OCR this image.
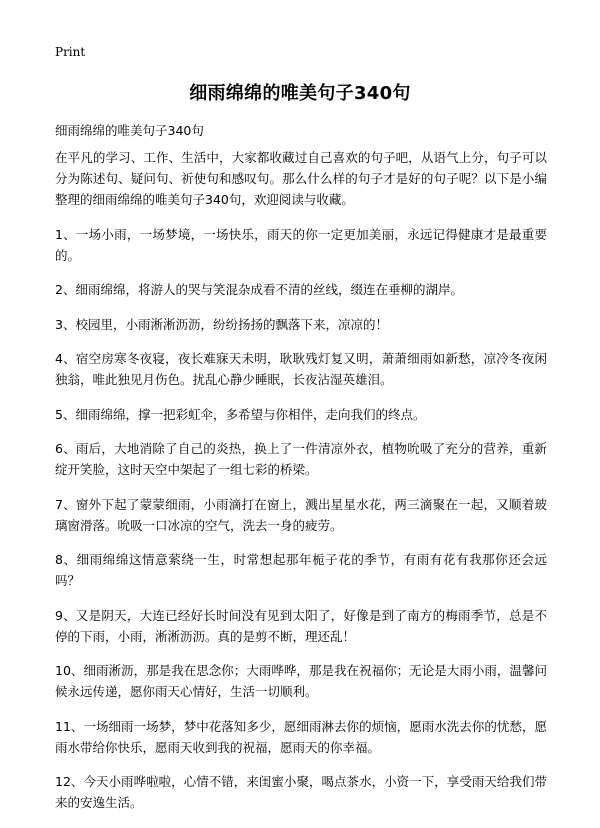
Print
细雨绵绵的唯美句子340句
细雨绵绵的唯美句子340句

在平凡的学习、工作、生活中，大家都收藏过自己喜欢的句子吧，从语气上分，句子可以分为陈述句、疑问句、祈使句和感叹句。那么什么样的句子才是好的句子呢？以下是小编整理的细雨绵绵的唯美句子340句，欢迎阅读与收藏。

1、一场小雨，一场梦境，一场快乐，雨天的你一定更加美丽，永远记得健康才是最重要的。

2、细雨绵绵，将游人的哭与笑混杂成看不清的丝线，缀连在垂柳的湖岸。

3、校园里，小雨淅淅沥沥，纷纷扬扬的飘落下来，凉凉的！

4、宿空房寒冬夜寝，夜长难寐天未明，耿耿残灯复又明，萧萧细雨如新愁，凉冷冬夜闲独翁，唯此独见月伤色。扰乱心静少睡眠，长夜沾湿英雄泪。

5、细雨绵绵，撑一把彩虹伞，多希望与你相伴，走向我们的终点。

6、雨后，大地消除了自己的炎热，换上了一件清凉外衣，植物吮吸了充分的营养，重新绽开笑脸，这时天空中架起了一组七彩的桥梁。

7、窗外下起了蒙蒙细雨，小雨滴打在窗上，溅出星星水花，两三滴聚在一起，又顺着玻璃窗滑落。吮吸一口冰凉的空气，洗去一身的疲劳。

8、细雨绵绵这情意萦绕一生，时常想起那年栀子花的季节，有雨有花有我那你还会远吗？

9、又是阴天，大连已经好长时间没有见到太阳了，好像是到了南方的梅雨季节，总是不停的下雨，小雨，淅淅沥沥。真的是剪不断，理还乱！

10、细雨淅沥，那是我在思念你；大雨哗哗，那是我在祝福你；无论是大雨小雨，温馨问候永远传递，愿你雨天心情好，生活一切顺利。

11、一场细雨一场梦，梦中花落知多少，愿细雨淋去你的烦恼，愿雨水洗去你的忧愁，愿雨水带给你快乐，愿雨天收到我的祝福，愿雨天的你幸福。

12、今天小雨哗啦啦，心情不错，来闺蜜小聚，喝点茶水，小资一下，享受雨天给我们带来的安逸生活。
